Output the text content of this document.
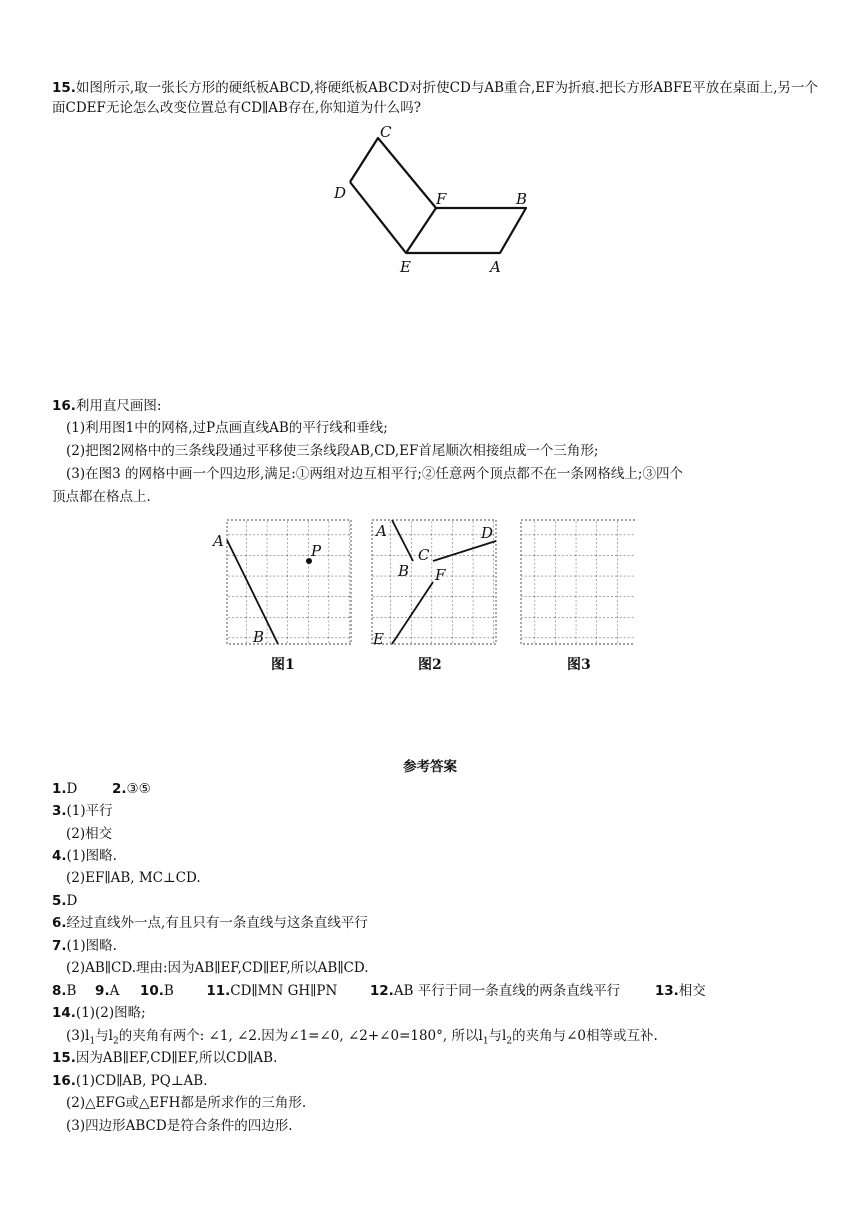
15.如图所示,取一张长方形的硬纸板ABCD,将硬纸板ABCD对折使CD与AB重合,EF为折痕.把长方形ABFE平放在桌面上,另一个面CDEF无论怎么改变位置总有CD∥AB存在,你知道为什么吗?
C
D	F	B
E	A
16.利用直尺画图:
(1)利用图1中的网格,过P点画直线AB的平行线和垂线;
(2)把图2网格中的三条线段通过平移使三条线段AB,CD,EF首尾顺次相接组成一个三角形;
(3)在图3 的网格中画一个四边形,满足:①两组对边互相平行;②任意两个顶点都不在一条网格线上;③四个
顶点都在格点上.
A
B
P
A
B
C
D
E
F
图1	图2	图3
参考答案
1.D	2.③⑤
3.(1)平行
(2)相交
4.(1)图略.
(2)EF∥AB, MC⊥CD.
5.D
6.经过直线外一点,有且只有一条直线与这条直线平行
7.(1)图略.
(2)AB∥CD.理由:因为AB∥EF,CD∥EF,所以AB∥CD.
8.B 9.A 10.B 11.CD∥MN GH∥PN 12.AB 平行于同一条直线的两条直线平行	13.相交
14.(1)(2)图略;
$(3)l_1$与$l_2$的夹角有两个: ∠1, ∠2.因为∠1=∠0, ∠2+∠0=180°, 所以$l_1$与$l_2$的夹角与∠0相等或互补.
15.因为AB∥EF,CD∥EF,所以CD∥AB.
16.(1)CD∥AB, PQ⊥AB.
(2)△EFG或△EFH都是所求作的三角形.
(3)四边形ABCD是符合条件的四边形.
